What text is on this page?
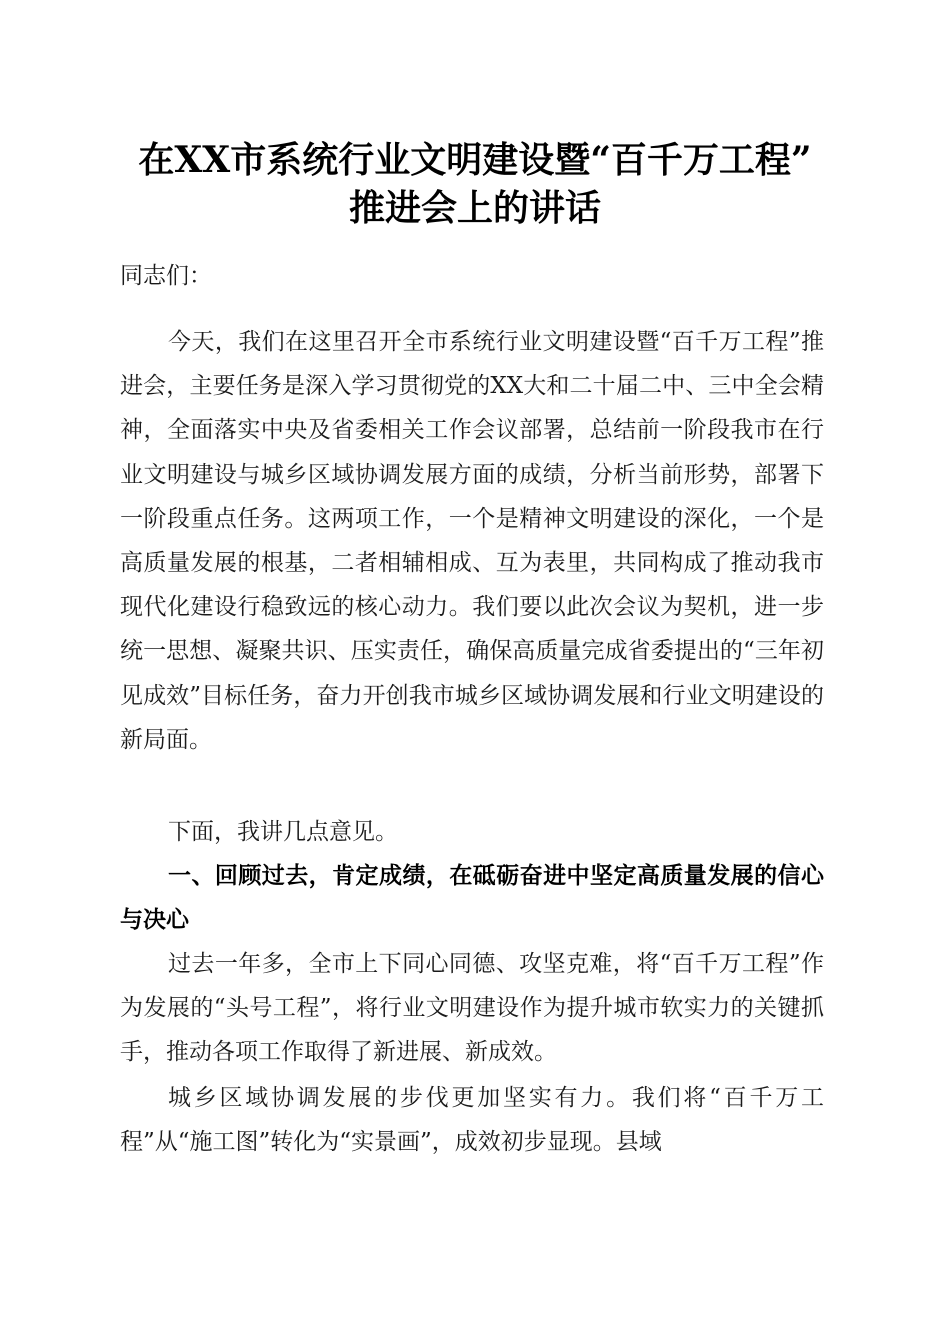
在XX市系统行业文明建设暨“百千万工程”
推进会上的讲话

同志们：

今天，我们在这里召开全市系统行业文明建设暨“百千万工程”推进会，主要任务是深入学习贯彻党的XX大和二十届二中、三中全会精神，全面落实中央及省委相关工作会议部署，总结前一阶段我市在行业文明建设与城乡区域协调发展方面的成绩，分析当前形势，部署下一阶段重点任务。这两项工作，一个是精神文明建设的深化，一个是高质量发展的根基，二者相辅相成、互为表里，共同构成了推动我市现代化建设行稳致远的核心动力。我们要以此次会议为契机，进一步统一思想、凝聚共识、压实责任，确保高质量完成省委提出的“三年初见成效”目标任务，奋力开创我市城乡区域协调发展和行业文明建设的新局面。

下面，我讲几点意见。

一、回顾过去，肯定成绩，在砥砺奋进中坚定高质量发展的信心与决心

过去一年多，全市上下同心同德、攻坚克难，将“百千万工程”作为发展的“头号工程”，将行业文明建设作为提升城市软实力的关键抓手，推动各项工作取得了新进展、新成效。

城乡区域协调发展的步伐更加坚实有力。我们将“百千万工程”从“施工图”转化为“实景画”，成效初步显现。县域
